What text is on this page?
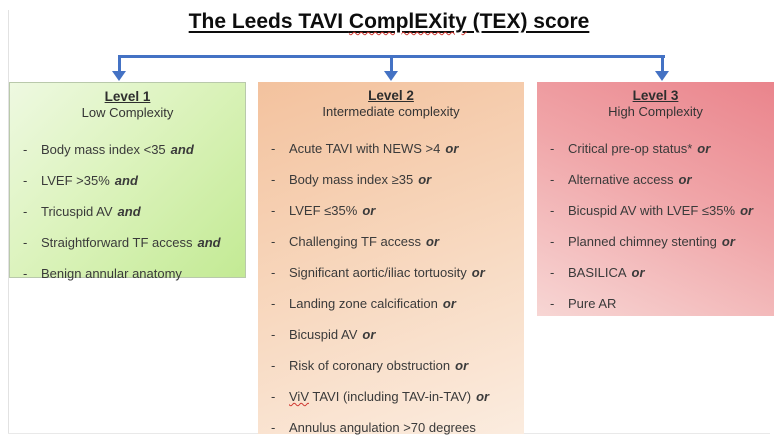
The Leeds TAVI ComplEXity (TEX) score
Level 1
Low Complexity
-	Body mass index <35 and
-	LVEF >35% and
-	Tricuspid AV and
-	Straightforward TF access and
-	Benign annular anatomy
Level 2
Intermediate complexity
-	Acute TAVI with NEWS >4 or
-	Body mass index ≥35 or
-	LVEF ≤35% or
-	Challenging TF access or
-	Significant aortic/iliac tortuosity or
-	Landing zone calcification or
-	Bicuspid AV or
-	Risk of coronary obstruction or
-	ViV TAVI (including TAV-in-TAV) or
-	Annulus angulation >70 degrees
Level 3
High Complexity
-	Critical pre-op status* or
-	Alternative access or
-	Bicuspid AV with LVEF ≤35% or
-	Planned chimney stenting or
-	BASILICA or
-	Pure AR
